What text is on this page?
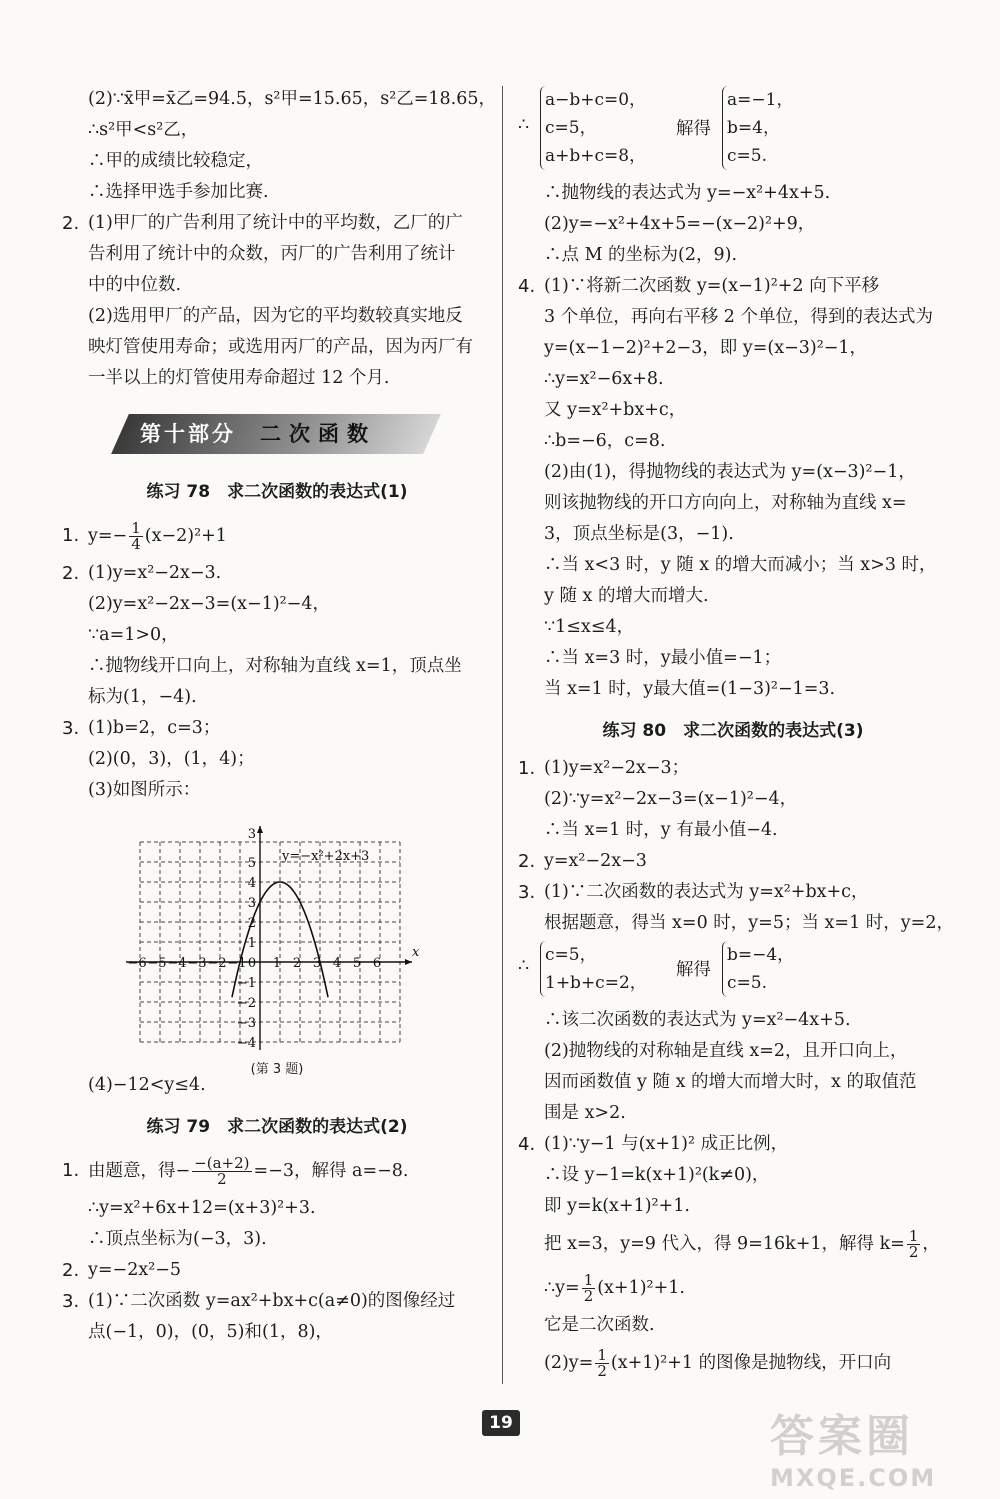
(2)∵x̄甲=x̄乙=94.5，s²甲=15.65，s²乙=18.65，
∴s²甲<s²乙，
∴甲的成绩比较稳定，
∴选择甲选手参加比赛.
2. (1)甲厂的广告利用了统计中的平均数，乙厂的广
告利用了统计中的众数，丙厂的广告利用了统计
中的中位数.
(2)选用甲厂的产品，因为它的平均数较真实地反
映灯管使用寿命；或选用丙厂的产品，因为丙厂有
一半以上的灯管使用寿命超过 12 个月.
第十部分 二次函数
练习 78　求二次函数的表达式(1)
1. $y=- \frac{1}{4} (x-2)^2+1$
2. (1)y=x²−2x−3.
(2)y=x²−2x−3=(x−1)²−4，
∵a=1>0，
∴抛物线开口向上，对称轴为直线 x=1，顶点坐
标为(1，−4).
3. (1)b=2，c=3；
(2)(0，3)，(1，4)；
(3)如图所示：
−6 −5 −4 −3 −2 −1 0 1 2 3 4 5 6
x
1
2
3
4
5
−1
−2
−3
−4
3
y=−x²+2x+3
(第 3 题)
(4)−12<y≤4.
练习 79　求二次函数的表达式(2)
1. 由题意，得− $\frac{-(a+2)}{2} =-3$，解得 a=−8.
∴y=x²+6x+12=(x+3)²+3.
∴顶点坐标为(−3，3).
2. y=−2x²−5
3. (1)∵二次函数 y=ax²+bx+c(a≠0)的图像经过
点(−1，0)，(0，5)和(1，8)，
∴
a−b+c=0，
c=5，
a+b+c=8，
解得
a=−1，
b=4，
c=5.
∴抛物线的表达式为 y=−x²+4x+5.
(2)y=−x²+4x+5=−(x−2)²+9，
∴点 M 的坐标为(2，9).
4. (1)∵将新二次函数 y=(x−1)²+2 向下平移
3 个单位，再向右平移 2 个单位，得到的表达式为
y=(x−1−2)²+2−3，即 y=(x−3)²−1，
∴y=x²−6x+8.
又 y=x²+bx+c，
∴b=−6，c=8.
(2)由(1)，得抛物线的表达式为 y=(x−3)²−1，
则该抛物线的开口方向向上，对称轴为直线 x=
3，顶点坐标是(3，−1).
∴当 x<3 时，y 随 x 的增大而减小；当 x>3 时，
y 随 x 的增大而增大.
∵1≤x≤4，
∴当 x=3 时，y最小值=−1；
当 x=1 时，y最大值=(1−3)²−1=3.
练习 80　求二次函数的表达式(3)
1. (1)y=x²−2x−3；
(2)∵y=x²−2x−3=(x−1)²−4，
∴当 x=1 时，y 有最小值−4.
2. y=x²−2x−3
3. (1)∵二次函数的表达式为 y=x²+bx+c，
根据题意，得当 x=0 时，y=5；当 x=1 时，y=2，
∴
c=5，
1+b+c=2，
解得
b=−4，
c=5.
∴该二次函数的表达式为 y=x²−4x+5.
(2)抛物线的对称轴是直线 x=2，且开口向上，
因而函数值 y 随 x 的增大而增大时，x 的取值范
围是 x>2.
4. (1)∵y−1 与(x+1)² 成正比例，
∴设 y−1=k(x+1)²(k≠0)，
即 y=k(x+1)²+1.
把 x=3，y=9 代入，得 9=16k+1，解得 $k= \frac{1}{2}$ ，
∴y= $\frac{1}{2} (x+1)^2+1$.
它是二次函数.
$(2)y= \frac{1}{2} (x+1)^2+1$ 的图像是抛物线，开口向
19	答案圈
MXQE.COM
